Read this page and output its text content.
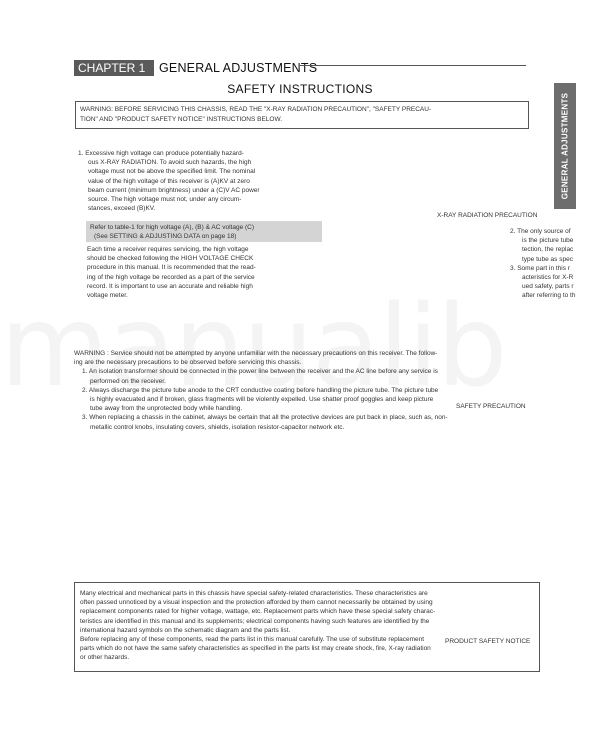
CHAPTER 1	GENERAL ADJUSTMENTS
SAFETY INSTRUCTIONS
WARNING: BEFORE SERVICING THIS CHASSIS, READ THE "X-RAY RADIATION PRECAUTION", "SAFETY PRECAU-
TION" AND "PRODUCT SAFETY NOTICE" INSTRUCTIONS BELOW.	GENERAL ADJUSTMENTS
1. Excessive high voltage can produce potentially hazard-
ous X-RAY RADIATION. To avoid such hazards, the high
voltage must not be above the specified limit. The nominal
value of the high voltage of this receiver is (A)KV at zero
beam current (minimum brightness) under a (C)V AC power
source. The high voltage must not, under any circum-
stances, exceed (B)KV.
Refer to table-1 for high voltage (A), (B) & AC voltage (C)
(See SETTING & ADJUSTING DATA on page 18)
Each time a receiver requires servicing, the high voltage
should be checked following the HIGH VOLTAGE CHECK
procedure in this manual. It is recommended that the read-
ing of the high voltage be recorded as a part of the service
record. It is important to use an accurate and reliable high
voltage meter.
X-RAY RADIATION PRECAUTION
2. The only source of
is the picture tube
tection, the replac
type tube as spec
3. Some part in this r
acteristics for X-R
ued safety, parts r
after referring to th
WARNING : Service should not be attempted by anyone unfamiliar with the necessary precautions on this receiver. The follow-
ing are the necessary precautions to be observed before servicing this chassis.
1. An isolation transformer should be connected in the power line between the receiver and the AC line before any service is
performed on the receiver.
2. Always discharge the picture tube anode to the CRT conductive coating before handling the picture tube. The picture tube
is highly evacuated and if broken, glass fragments will be violently expelled. Use shatter proof goggles and keep picture
tube away from the unprotected body while handling.
3. When replacing a chassis in the cabinet, always be certain that all the protective devices are put back in place, such as, non-
metallic control knobs, insulating covers, shields, isolation resistor-capacitor network etc.
SAFETY PRECAUTION
Many electrical and mechanical parts in this chassis have special safety-related characteristics. These characteristics are
often passed unnoticed by a visual inspection and the protection afforded by them cannot necessarily be obtained by using
replacement components rated for higher voltage, wattage, etc. Replacement parts which have these special safety charac-
teristics are identified in this manual and its supplements; electrical components having such features are identified by the
international hazard symbols on the schematic diagram and the parts list.
Before replacing any of these components, read the parts list in this manual carefully. The use of substitute replacement
parts which do not have the same safety characteristics as specified in the parts list may create shock, fire, X-ray radiation
or other hazards.
PRODUCT SAFETY NOTICE
